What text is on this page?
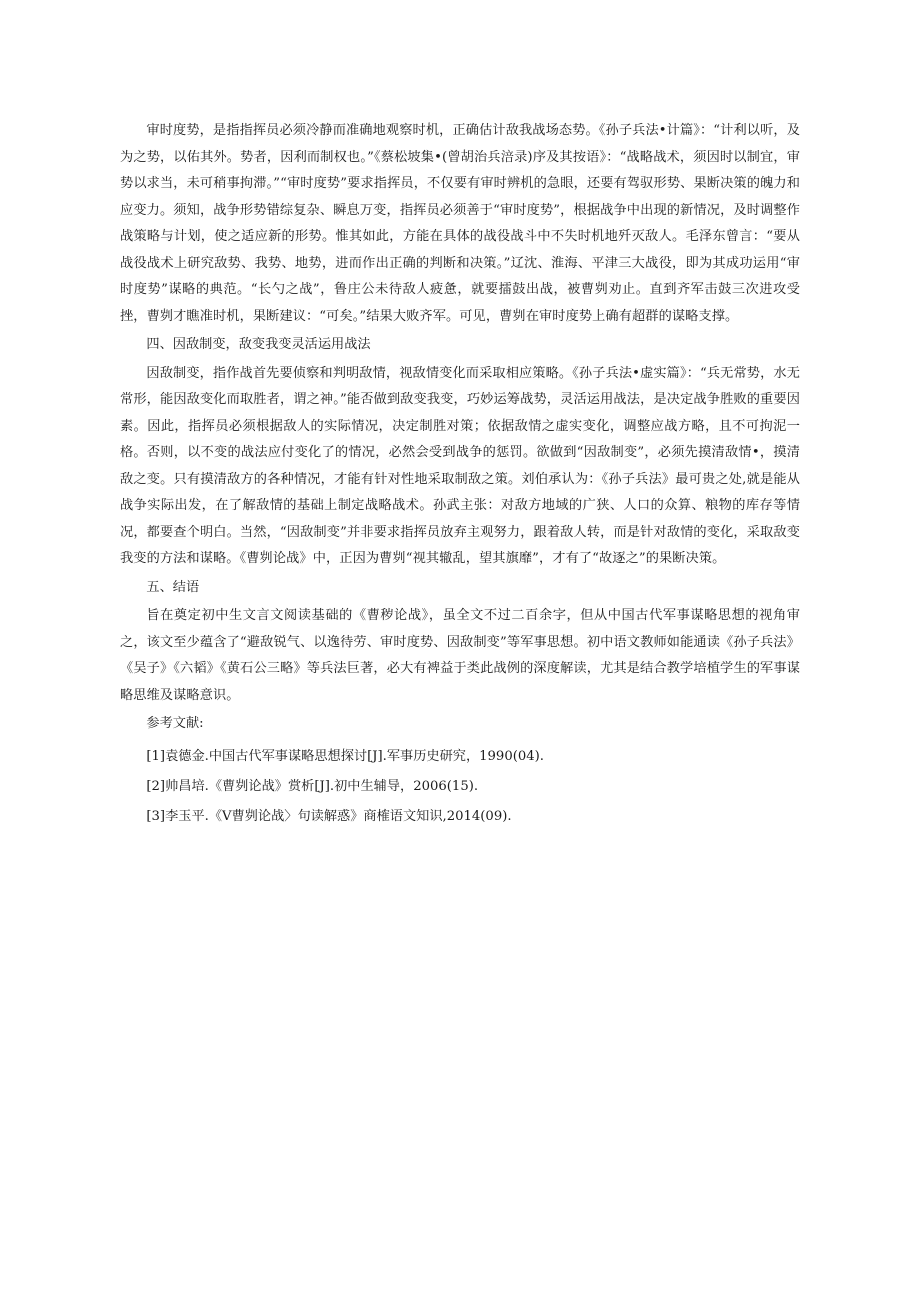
审时度势，是指指挥员必须冷静而准确地观察时机，正确估计敌我战场态势。《孙子兵法•计篇》：“计利以听，及为之势，以佑其外。势者，因利而制权也。”《蔡松坡集•(曾胡治兵涪录)序及其按语》：“战略战术，须因时以制宜，审势以求当，未可稍事拘滞。”“审时度势”要求指挥员，不仅要有审时辨机的急眼，还要有驾驭形势、果断决策的魄力和应变力。须知，战争形势错综复杂、瞬息万变，指挥员必须善于“审时度势”，根据战争中出现的新情况，及时调整作战策略与计划，使之适应新的形势。惟其如此，方能在具体的战役战斗中不失时机地歼灭敌人。毛泽东曾言：“要从战役战术上研究敌势、我势、地势，进而作出正确的判断和决策。”辽沈、淮海、平津三大战役，即为其成功运用“审时度势”谋略的典范。“长勺之战”，鲁庄公未待敌人疲惫，就要擂鼓出战，被曹刿劝止。直到齐军击鼓三次进攻受挫，曹刿才瞧准时机，果断建议：“可矣。”结果大败齐军。可见，曹刿在审时度势上确有超群的谋略支撑。

四、因敌制变，敌变我变灵活运用战法

因敌制变，指作战首先要侦察和判明敌情，视敌情变化而采取相应策略。《孙子兵法•虚实篇》：“兵无常势，水无常形，能因敌变化而取胜者，谓之神。”能否做到敌变我变，巧妙运筹战势，灵活运用战法，是决定战争胜败的重要因素。因此，指挥员必须根据敌人的实际情况，决定制胜对策；依据敌情之虚实变化，调整应战方略，且不可拘泥一格。否则，以不变的战法应付变化了的情况，必然会受到战争的惩罚。欲做到“因敌制变”，必须先摸清敌情•，摸清敌之变。只有摸清敌方的各种情况，才能有针对性地采取制敌之策。刘伯承认为：《孙子兵法》最可贵之处,就是能从战争实际出发，在了解敌情的基础上制定战略战术。孙武主张：对敌方地域的广狭、人口的众算、粮物的库存等情况，都要查个明白。当然，“因敌制变”并非要求指挥员放弃主观努力，跟着敌人转，而是针对敌情的变化，采取敌变我变的方法和谋略。《曹刿论战》中，正因为曹刿“视其辙乱，望其旗靡”，才有了“故逐之”的果断决策。

五、结语

旨在奠定初中生文言文阅读基础的《曹秽论战》，虽全文不过二百余字，但从中国古代军事谋略思想的视角审之，该文至少蕴含了“避敌锐气、以逸待劳、审时度势、因敌制变”等军事思想。初中语文教师如能通读《孙子兵法》《吴子》《六韬》《黄石公三略》等兵法巨著，必大有裨益于类此战例的深度解读，尤其是结合教学培植学生的军事谋略思维及谋略意识。

参考文献:

[1]袁德金.中国古代军事谋略思想探讨[J].军事历史研究，1990(04).

[2]帅昌培.《曹刿论战》赏析[J].初中生辅导，2006(15).

[3]李玉平.《V曹刿论战〉句读解惑》商榷语文知识,2014(09).
